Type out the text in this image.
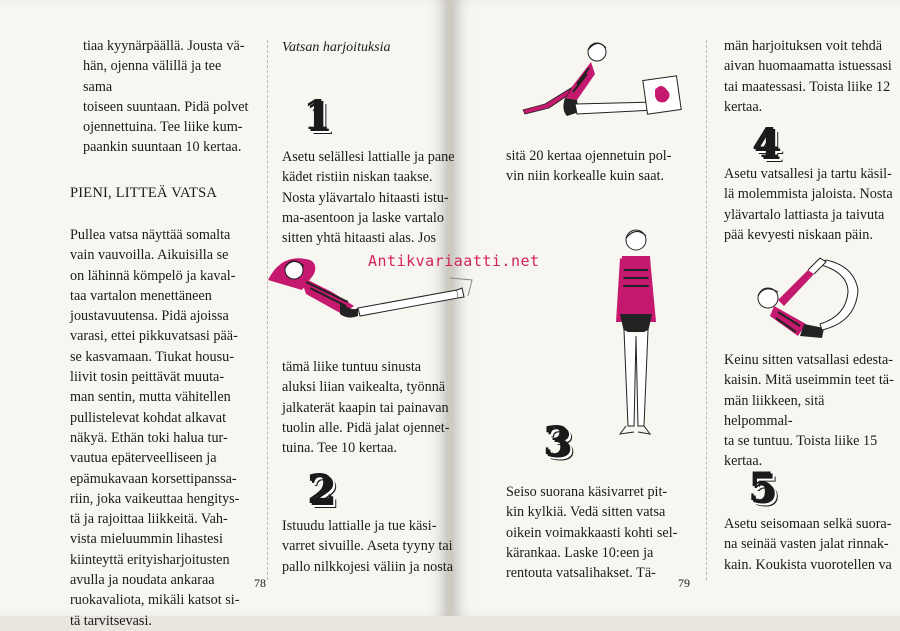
tiaa kyynärpäällä. Jousta vä-
hän, ojenna välillä ja tee sama
toiseen suuntaan. Pidä polvet
ojennettuina. Tee liike kum-
paankin suuntaan 10 kertaa.

PIENI, LITTEÄ VATSA

Pullea vatsa näyttää somalta
vain vauvoilla. Aikuisilla se
on lähinnä kömpelö ja kaval-
taa vartalon menettäneen
joustavuutensa. Pidä ajoissa
varasi, ettei pikkuvatsasi pää-
se kasvamaan. Tiukat housu-
liivit tosin peittävät muuta-
man sentin, mutta vähitellen
pullistelevat kohdat alkavat
näkyä. Ethän toki halua tur-
vautua epäterveelliseen ja
epämukavaan korsettipanssa-
riin, joka vaikeuttaa hengitys-
tä ja rajoittaa liikkeitä. Vah-
vista mieluummin lihastesi
kiinteyttä erityisharjoitusten
avulla ja noudata ankaraa
ruokavaliota, mikäli katsot si-
tä tarvitsevasi.

Vatsan harjoituksia
1

Asetu selällesi lattialle ja pane
kädet ristiin niskan taakse.
Nosta ylävartalo hitaasti istu-
ma-asentoon ja laske vartalo
sitten yhtä hitaasti alas. Jos

tämä liike tuntuu sinusta
aluksi liian vaikealta, työnnä
jalkaterät kaapin tai painavan
tuolin alle. Pidä jalat ojennet-
tuina. Tee 10 kertaa.

2

Istuudu lattialle ja tue käsi-
varret sivuille. Aseta tyyny tai
pallo nilkkojesi väliin ja nosta

78

sitä 20 kertaa ojennetuin pol-
vin niin korkealle kuin saat.

3

Seiso suorana käsivarret pit-
kin kylkiä. Vedä sitten vatsa
oikein voimakkaasti kohti sel-
kärankaa. Laske 10:een ja
rentouta vatsalihakset. Tä-

79

män harjoituksen voit tehdä
aivan huomaamatta istuessasi
tai maatessasi. Toista liike 12
kertaa.

4

Asetu vatsallesi ja tartu käsil-
lä molemmista jaloista. Nosta
ylävartalo lattiasta ja taivuta
pää kevyesti niskaan päin.

Keinu sitten vatsallasi edesta-
kaisin. Mitä useimmin teet tä-
män liikkeen, sitä helpommal-
ta se tuntuu. Toista liike 15
kertaa.

5

Asetu seisomaan selkä suora-
na seinää vasten jalat rinnak-
kain. Koukista vuorotellen va

Antikvariaatti.net
